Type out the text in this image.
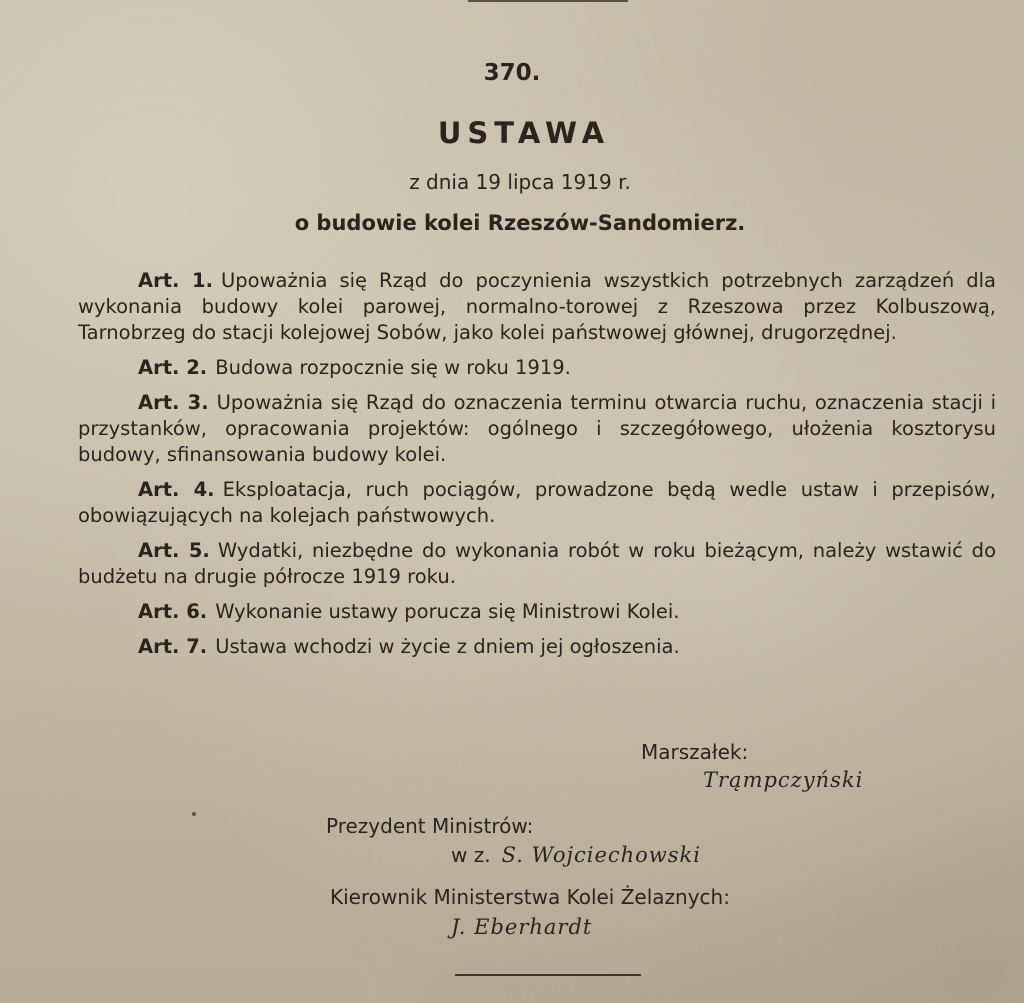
370.
USTAWA
z dnia 19 lipca 1919 r.
o budowie kolei Rzeszów-Sandomierz.

Art. 1. Upoważnia się Rząd do poczynienia wszystkich potrzebnych zarządzeń dla wykonania budowy kolei parowej, normalno-torowej z Rzeszowa przez Kolbuszową, Tarnobrzeg do stacji kolejowej Sobów, jako kolei państwowej głównej, drugorzędnej.

Art. 2. Budowa rozpocznie się w roku 1919.

Art. 3. Upoważnia się Rząd do oznaczenia terminu otwarcia ruchu, oznaczenia stacji i przystanków, opracowania projektów: ogólnego i szczegółowego, ułożenia kosztorysu budowy, sfinansowania budowy kolei.

Art. 4. Eksploatacja, ruch pociągów, prowadzone będą wedle ustaw i przepisów, obowiązujących na kolejach państwowych.

Art. 5. Wydatki, niezbędne do wykonania robót w roku bieżącym, należy wstawić do budżetu na drugie półrocze 1919 roku.

Art. 6. Wykonanie ustawy porucza się Ministrowi Kolei.

Art. 7. Ustawa wchodzi w życie z dniem jej ogłoszenia.

Marszałek:
Trąmpczyński
Prezydent Ministrów:
w z. S. Wojciechowski
Kierownik Ministerstwa Kolei Żelaznych:
J. Eberhardt
